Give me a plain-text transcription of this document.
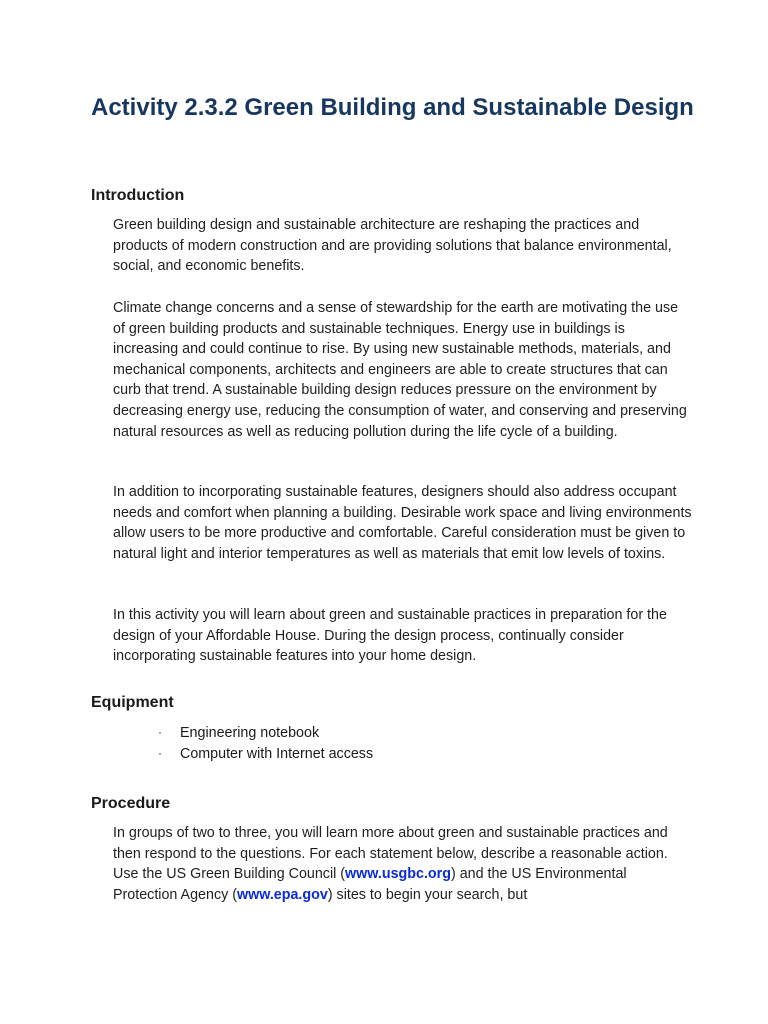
Activity 2.3.2 Green Building and Sustainable Design
Introduction

Green building design and sustainable architecture are reshaping the practices and products of modern construction and are providing solutions that balance environmental, social, and economic benefits.

Climate change concerns and a sense of stewardship for the earth are motivating the use of green building products and sustainable techniques. Energy use in buildings is increasing and could continue to rise. By using new sustainable methods, materials, and mechanical components, architects and engineers are able to create structures that can curb that trend. A sustainable building design reduces pressure on the environment by decreasing energy use, reducing the consumption of water, and conserving and preserving natural resources as well as reducing pollution during the life cycle of a building.

In addition to incorporating sustainable features, designers should also address occupant needs and comfort when planning a building. Desirable work space and living environments allow users to be more productive and comfortable. Careful consideration must be given to natural light and interior temperatures as well as materials that emit low levels of toxins.

In this activity you will learn about green and sustainable practices in preparation for the design of your Affordable House. During the design process, continually consider incorporating sustainable features into your home design.

Equipment
· Engineering notebook
· Computer with Internet access
Procedure

In groups of two to three, you will learn more about green and sustainable practices and then respond to the questions. For each statement below, describe a reasonable action. Use the US Green Building Council (www.usgbc.org) and the US Environmental Protection Agency (www.epa.gov) sites to begin your search, but
